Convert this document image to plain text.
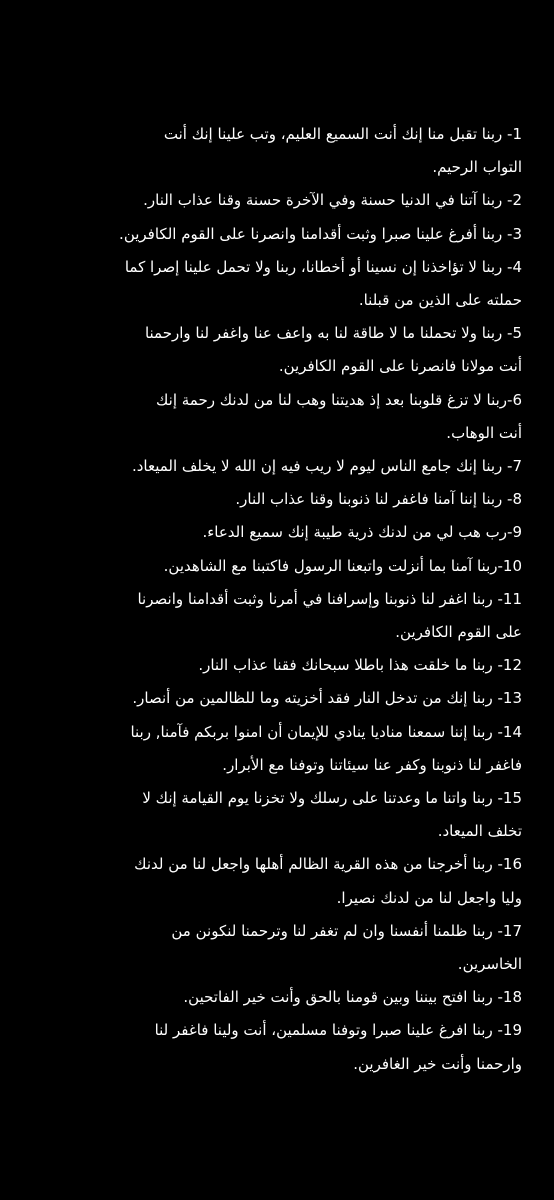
1- ربنا تقبل منا إنك أنت السميع العليم، وتب علينا إنك أنت
التواب الرحيم.
2- ربنا آتنا في الدنيا حسنة وفي الآخرة حسنة وقنا عذاب النار.
3- ربنا أفرغ علينا صبرا وثبت أقدامنا وانصرنا على القوم الكافرين.
4- ربنا لا تؤاخذنا إن نسينا أو أخطانا، ربنا ولا تحمل علينا إصرا كما
حملته على الذين من قبلنا.
5- ربنا ولا تحملنا ما لا طاقة لنا به واعف عنا واغفر لنا وارحمنا
أنت مولانا فانصرنا على القوم الكافرين.
6-ربنا لا تزغ قلوبنا بعد إذ هديتنا وهب لنا من لدنك رحمة إنك
أنت الوهاب.
7- ربنا إنك جامع الناس ليوم لا ريب فيه إن الله لا يخلف الميعاد.
8- ربنا إننا آمنا فاغفر لنا ذنوبنا وقنا عذاب النار.
9-رب هب لي من لدنك ذرية طيبة إنك سميع الدعاء.
10-ربنا آمنا بما أنزلت واتبعنا الرسول فاكتبنا مع الشاهدين.
11- ربنا اغفر لنا ذنوبنا وإسرافنا في أمرنا وثبت أقدامنا وانصرنا
على القوم الكافرين.
12- ربنا ما خلقت هذا باطلا سبحانك فقنا عذاب النار.
13- ربنا إنك من تدخل النار فقد أخزيته وما للظالمين من أنصار.
14- ربنا إننا سمعنا مناديا ينادي للإيمان أن امنوا بربكم فآمنا, ربنا
فاغفر لنا ذنوبنا وكفر عنا سيئاتنا وتوفنا مع الأبرار.
15- ربنا واتنا ما وعدتنا على رسلك ولا تخزنا يوم القيامة إنك لا
تخلف الميعاد.
16- ربنا أخرجنا من هذه القرية الظالم أهلها واجعل لنا من لدنك
وليا واجعل لنا من لدنك نصيرا.
17- ربنا ظلمنا أنفسنا وان لم تغفر لنا وترحمنا لنكونن من
الخاسرين.
18- ربنا افتح بيننا وبين قومنا بالحق وأنت خير الفاتحين.
19- ربنا افرغ علينا صبرا وتوفنا مسلمين، أنت ولينا فاغفر لنا
وارحمنا وأنت خير الغافرين.
